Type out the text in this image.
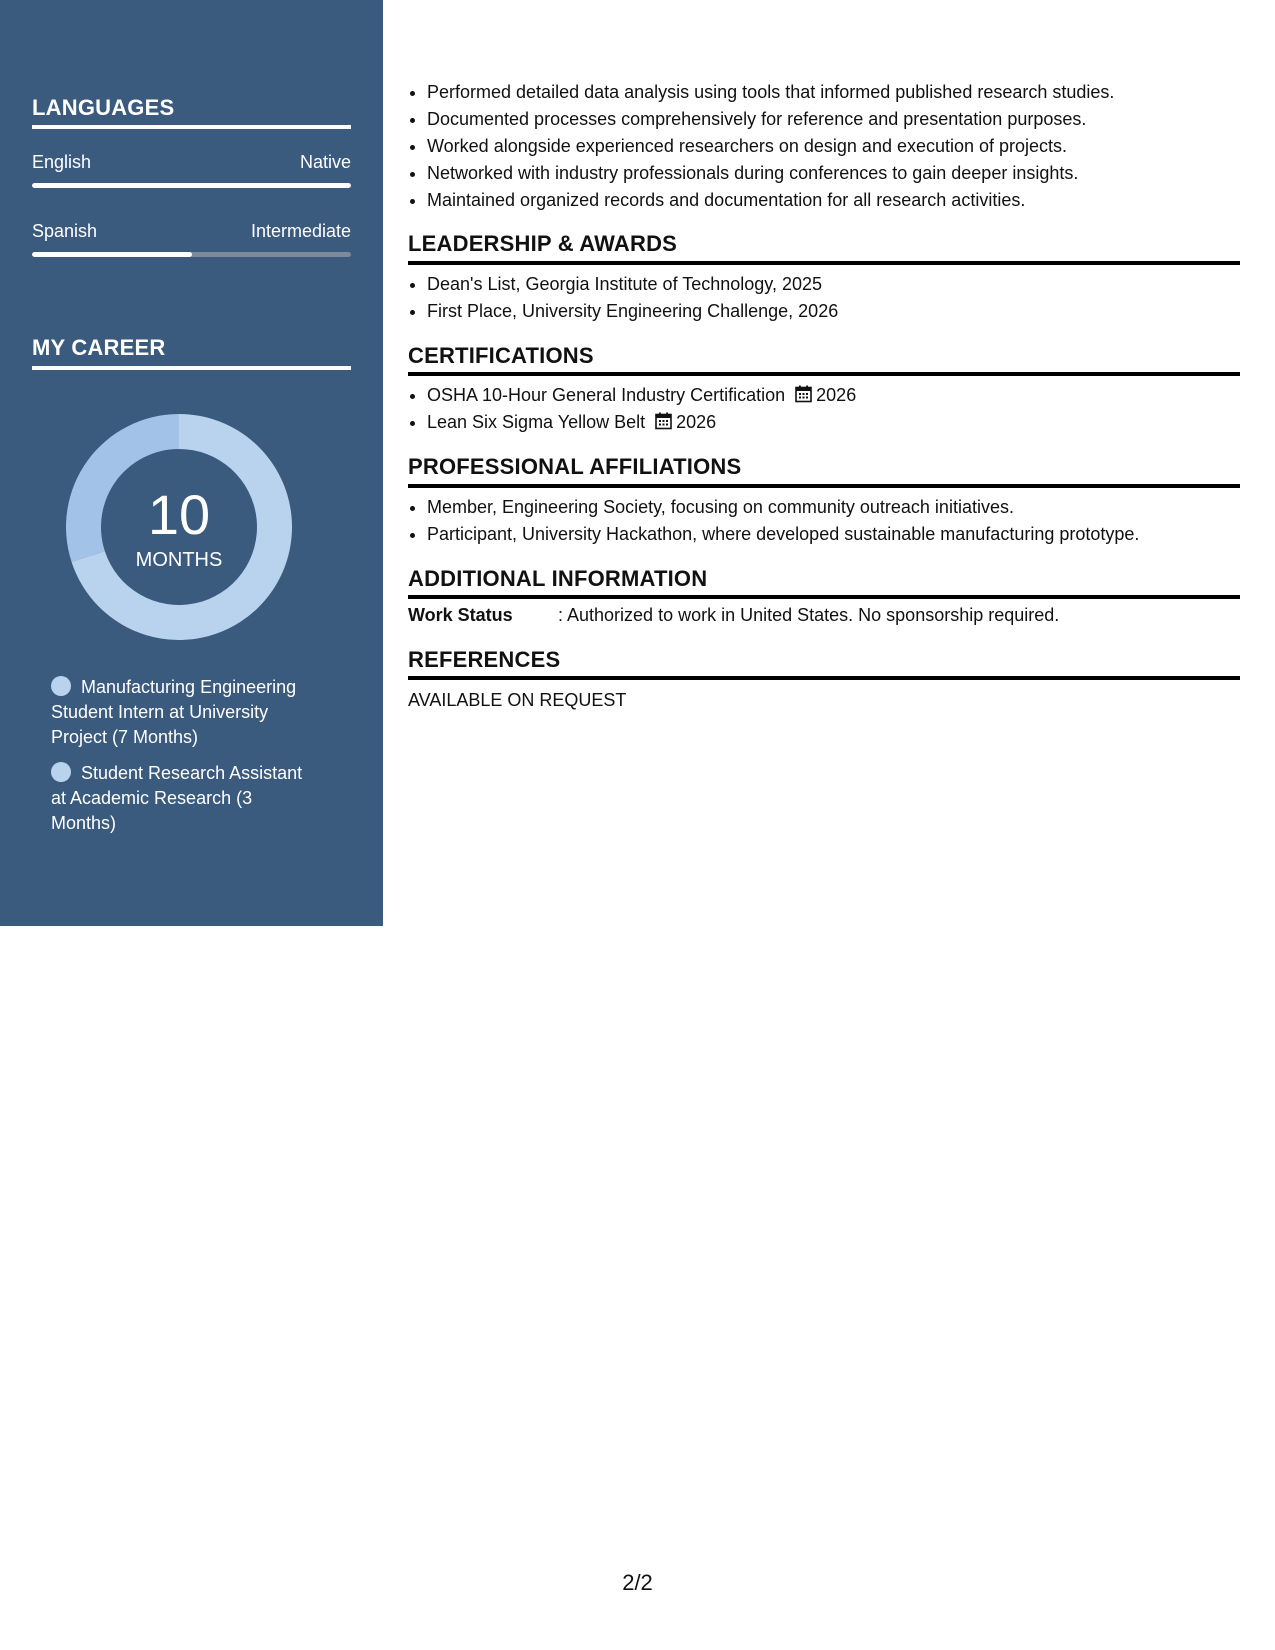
LANGUAGES
English	Native
Spanish	Intermediate
MY CAREER
10
MONTHS
Manufacturing Engineering Student Intern at University Project (7 Months)
Student Research Assistant at Academic Research (3 Months)
• Performed detailed data analysis using tools that informed published research studies.
• Documented processes comprehensively for reference and presentation purposes.
• Worked alongside experienced researchers on design and execution of projects.
• Networked with industry professionals during conferences to gain deeper insights.
• Maintained organized records and documentation for all research activities.
LEADERSHIP & AWARDS
• Dean's List, Georgia Institute of Technology, 2025
• First Place, University Engineering Challenge, 2026
CERTIFICATIONS
• OSHA 10-Hour General Industry Certification 2026
• Lean Six Sigma Yellow Belt 2026
PROFESSIONAL AFFILIATIONS
• Member, Engineering Society, focusing on community outreach initiatives.
• Participant, University Hackathon, where developed sustainable manufacturing prototype.
ADDITIONAL INFORMATION
Work Status	: Authorized to work in United States. No sponsorship required.
REFERENCES
AVAILABLE ON REQUEST
2/2
